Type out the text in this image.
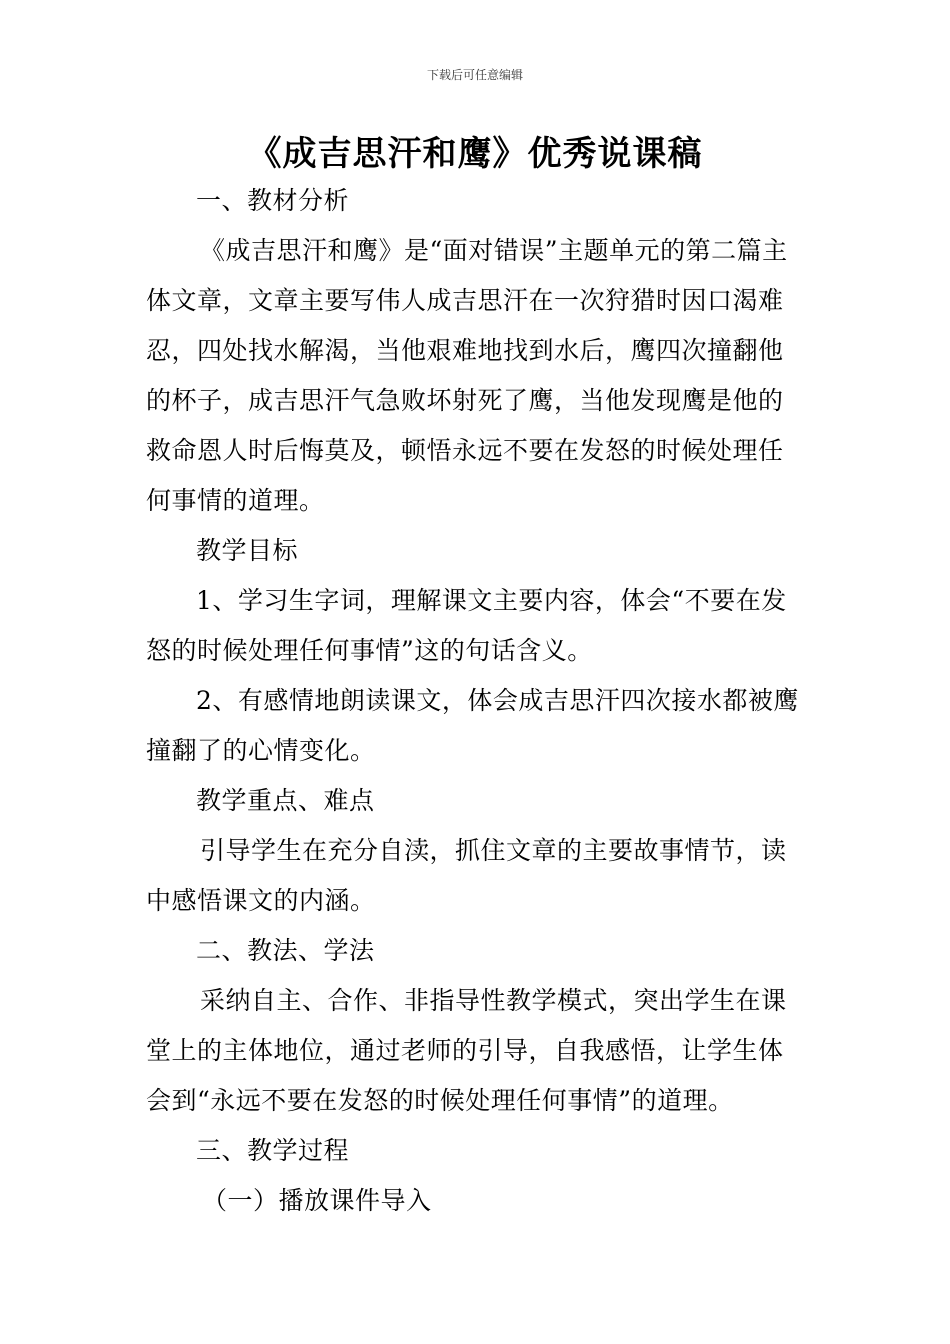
下载后可任意编辑
《成吉思汗和鹰》优秀说课稿

一、教材分析

《成吉思汗和鹰》是“面对错误”主题单元的第二篇主体文章，文章主要写伟人成吉思汗在一次狩猎时因口渴难忍，四处找水解渴，当他艰难地找到水后，鹰四次撞翻他的杯子，成吉思汗气急败坏射死了鹰，当他发现鹰是他的救命恩人时后悔莫及，顿悟永远不要在发怒的时候处理任何事情的道理。

教学目标

1、学习生字词，理解课文主要内容，体会“不要在发怒的时候处理任何事情”这的句话含义。

2、有感情地朗读课文，体会成吉思汗四次接水都被鹰撞翻了的心情变化。

教学重点、难点

引导学生在充分自渎，抓住文章的主要故事情节，读中感悟课文的内涵。

二、教法、学法

采纳自主、合作、非指导性教学模式，突出学生在课堂上的主体地位，通过老师的引导，自我感悟，让学生体会到“永远不要在发怒的时候处理任何事情”的道理。

三、教学过程

（一）播放课件导入
